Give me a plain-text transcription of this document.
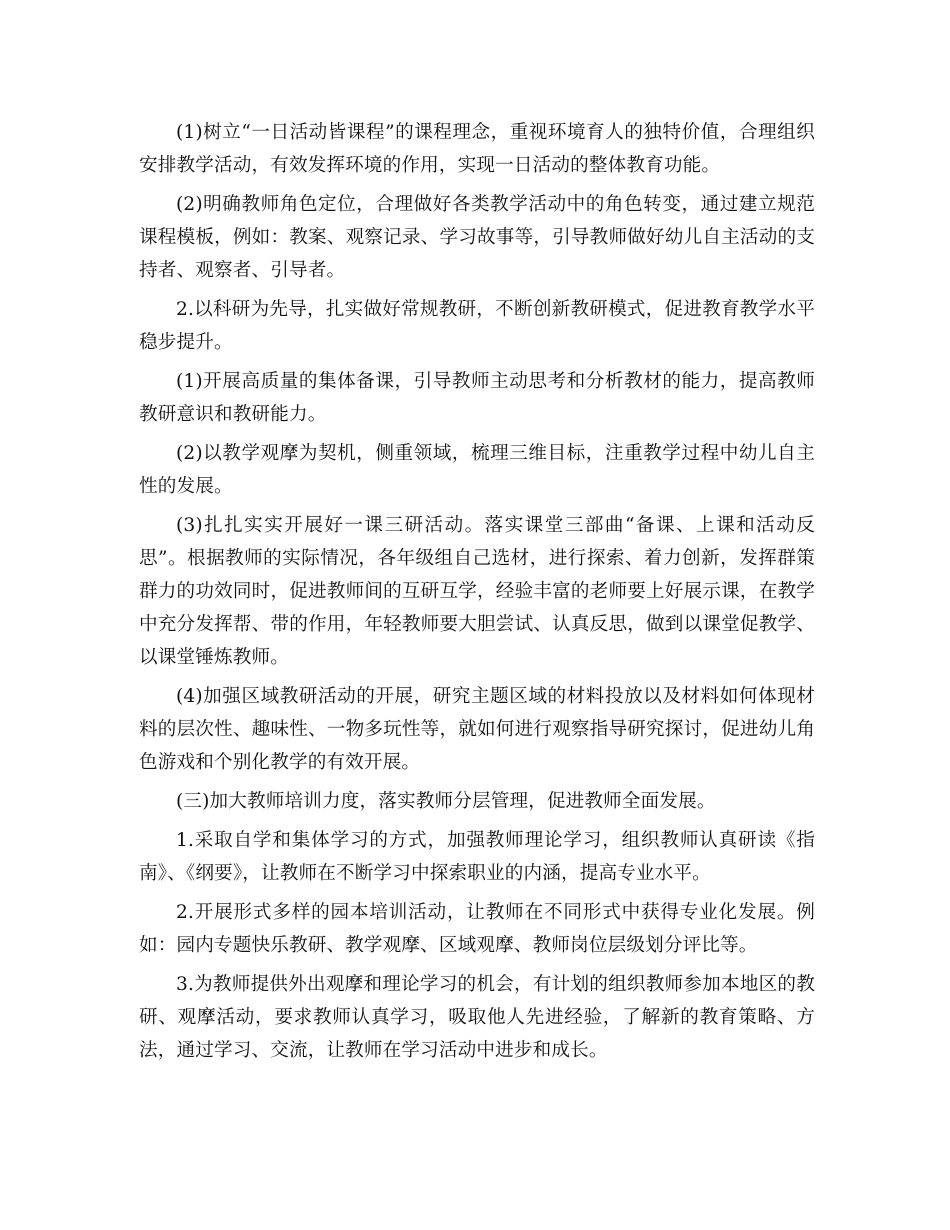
(1)树立“一日活动皆课程”的课程理念，重视环境育人的独特价值，合理组织安排教学活动，有效发挥环境的作用，实现一日活动的整体教育功能。

(2)明确教师角色定位，合理做好各类教学活动中的角色转变，通过建立规范课程模板，例如：教案、观察记录、学习故事等，引导教师做好幼儿自主活动的支持者、观察者、引导者。

2.以科研为先导，扎实做好常规教研，不断创新教研模式，促进教育教学水平稳步提升。

(1)开展高质量的集体备课，引导教师主动思考和分析教材的能力，提高教师教研意识和教研能力。

(2)以教学观摩为契机，侧重领域，梳理三维目标，注重教学过程中幼儿自主性的发展。

(3)扎扎实实开展好一课三研活动。落实课堂三部曲“备课、上课和活动反思”。根据教师的实际情况，各年级组自己选材，进行探索、着力创新，发挥群策群力的功效同时，促进教师间的互研互学，经验丰富的老师要上好展示课，在教学中充分发挥帮、带的作用，年轻教师要大胆尝试、认真反思，做到以课堂促教学、以课堂锤炼教师。

(4)加强区域教研活动的开展，研究主题区域的材料投放以及材料如何体现材料的层次性、趣味性、一物多玩性等，就如何进行观察指导研究探讨，促进幼儿角色游戏和个别化教学的有效开展。

(三)加大教师培训力度，落实教师分层管理，促进教师全面发展。

1.采取自学和集体学习的方式，加强教师理论学习，组织教师认真研读《指南》、《纲要》，让教师在不断学习中探索职业的内涵，提高专业水平。

2.开展形式多样的园本培训活动，让教师在不同形式中获得专业化发展。例如：园内专题快乐教研、教学观摩、区域观摩、教师岗位层级划分评比等。

3.为教师提供外出观摩和理论学习的机会，有计划的组织教师参加本地区的教研、观摩活动，要求教师认真学习，吸取他人先进经验，了解新的教育策略、方法，通过学习、交流，让教师在学习活动中进步和成长。
